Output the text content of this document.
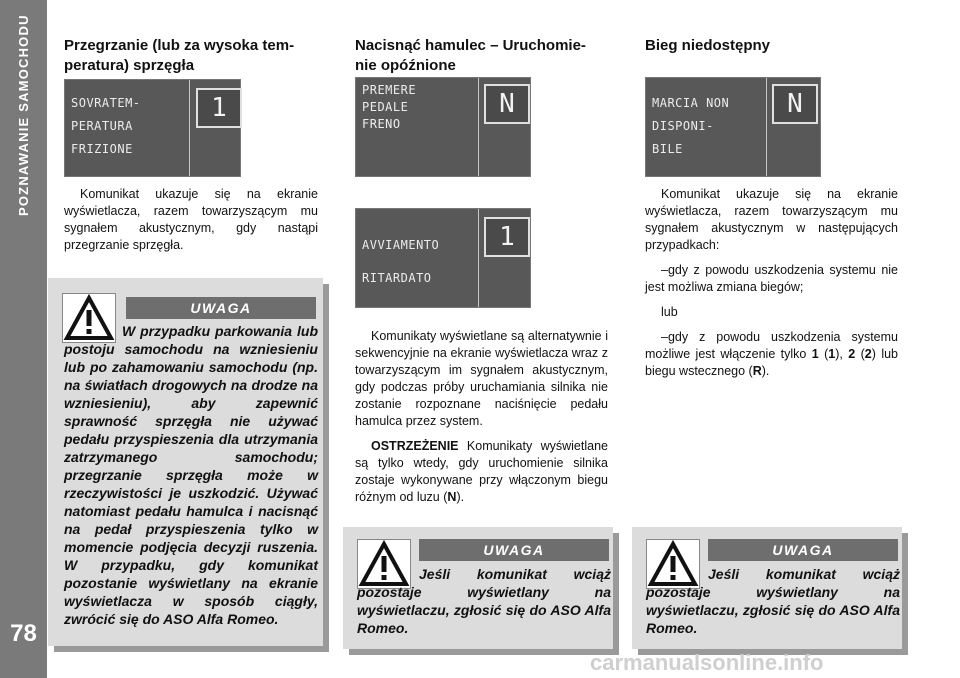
POZNAWANIE SAMOCHODU
78

Przegrzanie (lub za wysoka tem-
peratura) sprzęgła

SOVRATEM-
PERATURA
FRIZIONE
1

Komunikat ukazuje się na ekranie wyświetlacza, razem towarzyszącym mu sygnałem akustycznym, gdy nastąpi przegrzanie sprzęgła.

UWAGA
W przypadku parkowania lub postoju samochodu na wzniesieniu lub po zahamowaniu samochodu (np. na światłach drogowych na drodze na wzniesieniu), aby zapewnić sprawność sprzęgła nie używać pedału przyspieszenia dla utrzymania zatrzymanego samochodu; przegrzanie sprzęgła może w rzeczywistości je uszkodzić. Używać natomiast pedału hamulca i nacisnąć na pedał przyspieszenia tylko w momencie podjęcia decyzji ruszenia. W przypadku, gdy komunikat pozostanie wyświetlany na ekranie wyświetlacza w sposób ciągły, zwrócić się do ASO Alfa Romeo.

Nacisnąć hamulec – Uruchomie-
nie opóźnione

PREMERE
PEDALE
FRENO
N
AVVIAMENTO
RITARDATO
1

Komunikaty wyświetlane są alternatywnie i sekwencyjnie na ekranie wyświetlacza wraz z towarzyszącym im sygnałem akustycznym, gdy podczas próby uruchamiania silnika nie zostanie rozpoznane naciśnięcie pedału hamulca przez system.

OSTRZEŻENIE Komunikaty wyświetlane są tylko wtedy, gdy uruchomienie silnika zostaje wykonywane przy włączonym biegu różnym od luzu (N).

UWAGA
Jeśli komunikat wciąż pozostaje wyświetlany na wyświetlaczu, zgłosić się do ASO Alfa Romeo.

Bieg niedostępny

MARCIA NON
DISPONI-
BILE
N

Komunikat ukazuje się na ekranie wyświetlacza, razem towarzyszącym mu sygnałem akustycznym w następujących przypadkach:

–gdy z powodu uszkodzenia systemu nie jest możliwa zmiana biegów;

lub

–gdy z powodu uszkodzenia systemu możliwe jest włączenie tylko 1 (1), 2 (2) lub biegu wstecznego (R).

UWAGA
Jeśli komunikat wciąż pozostaje wyświetlany na wyświetlaczu, zgłosić się do ASO Alfa Romeo.
carmanualsonline.info
